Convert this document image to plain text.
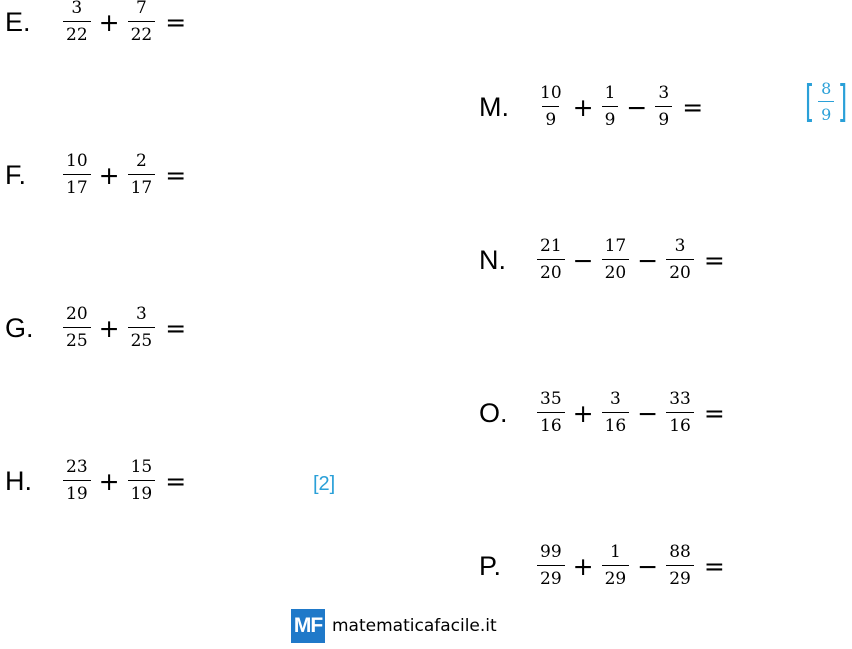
E.	$\frac{3}{22} + \frac{7}{22}$ =
F.	$\frac{10}{17} + \frac{2}{17}$ =
G.	$\frac{20}{25} + \frac{3}{25}$ =
H.	$\frac{23}{19} + \frac{15}{19}$ =	[2]
M.	$\frac{10}{9} + \frac{1}{9} - \frac{3}{9}$ = [ $\frac{8}{9}$ ]
N.	$\frac{21}{20} - \frac{17}{20} - \frac{3}{20}$ =
O.	$\frac{35}{16} + \frac{3}{16} - \frac{33}{16}$ =
P.	$\frac{99}{29} + \frac{1}{29} - \frac{88}{29}$ =
MF matematicafacile.it
